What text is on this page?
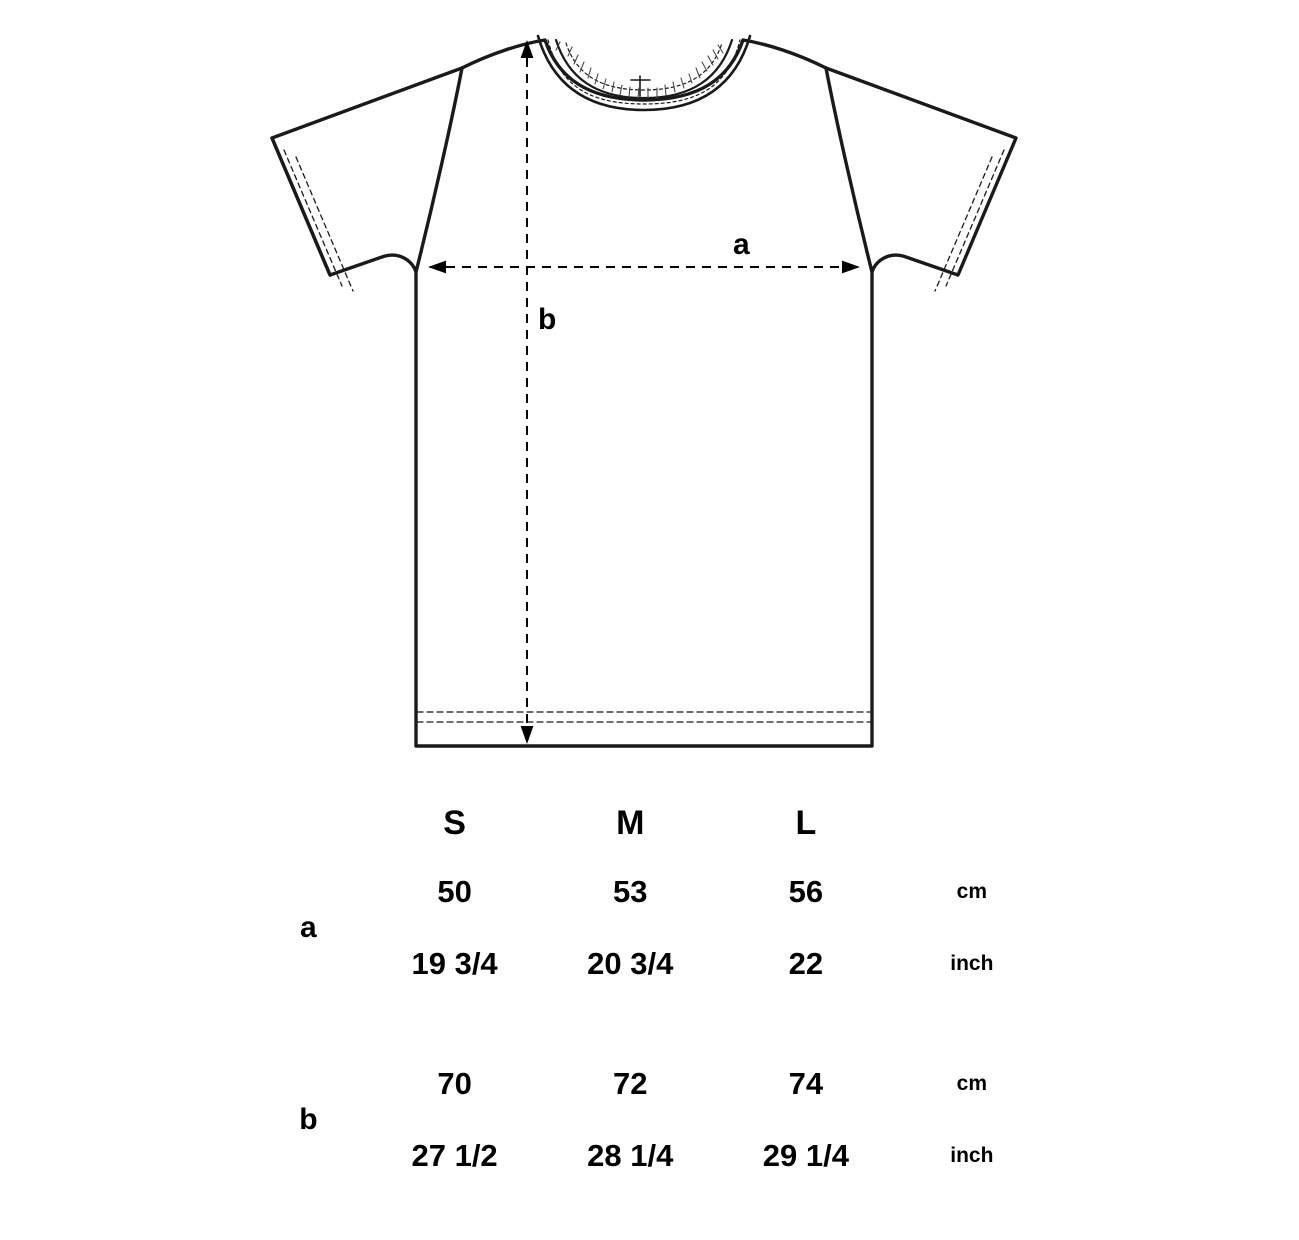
a
b
	S	M	L	
a	50	53	56	cm
	19 3/4	20 3/4	22	inch

b	70	72	74	cm
	27 1/2	28 1/4	29 1/4	inch
